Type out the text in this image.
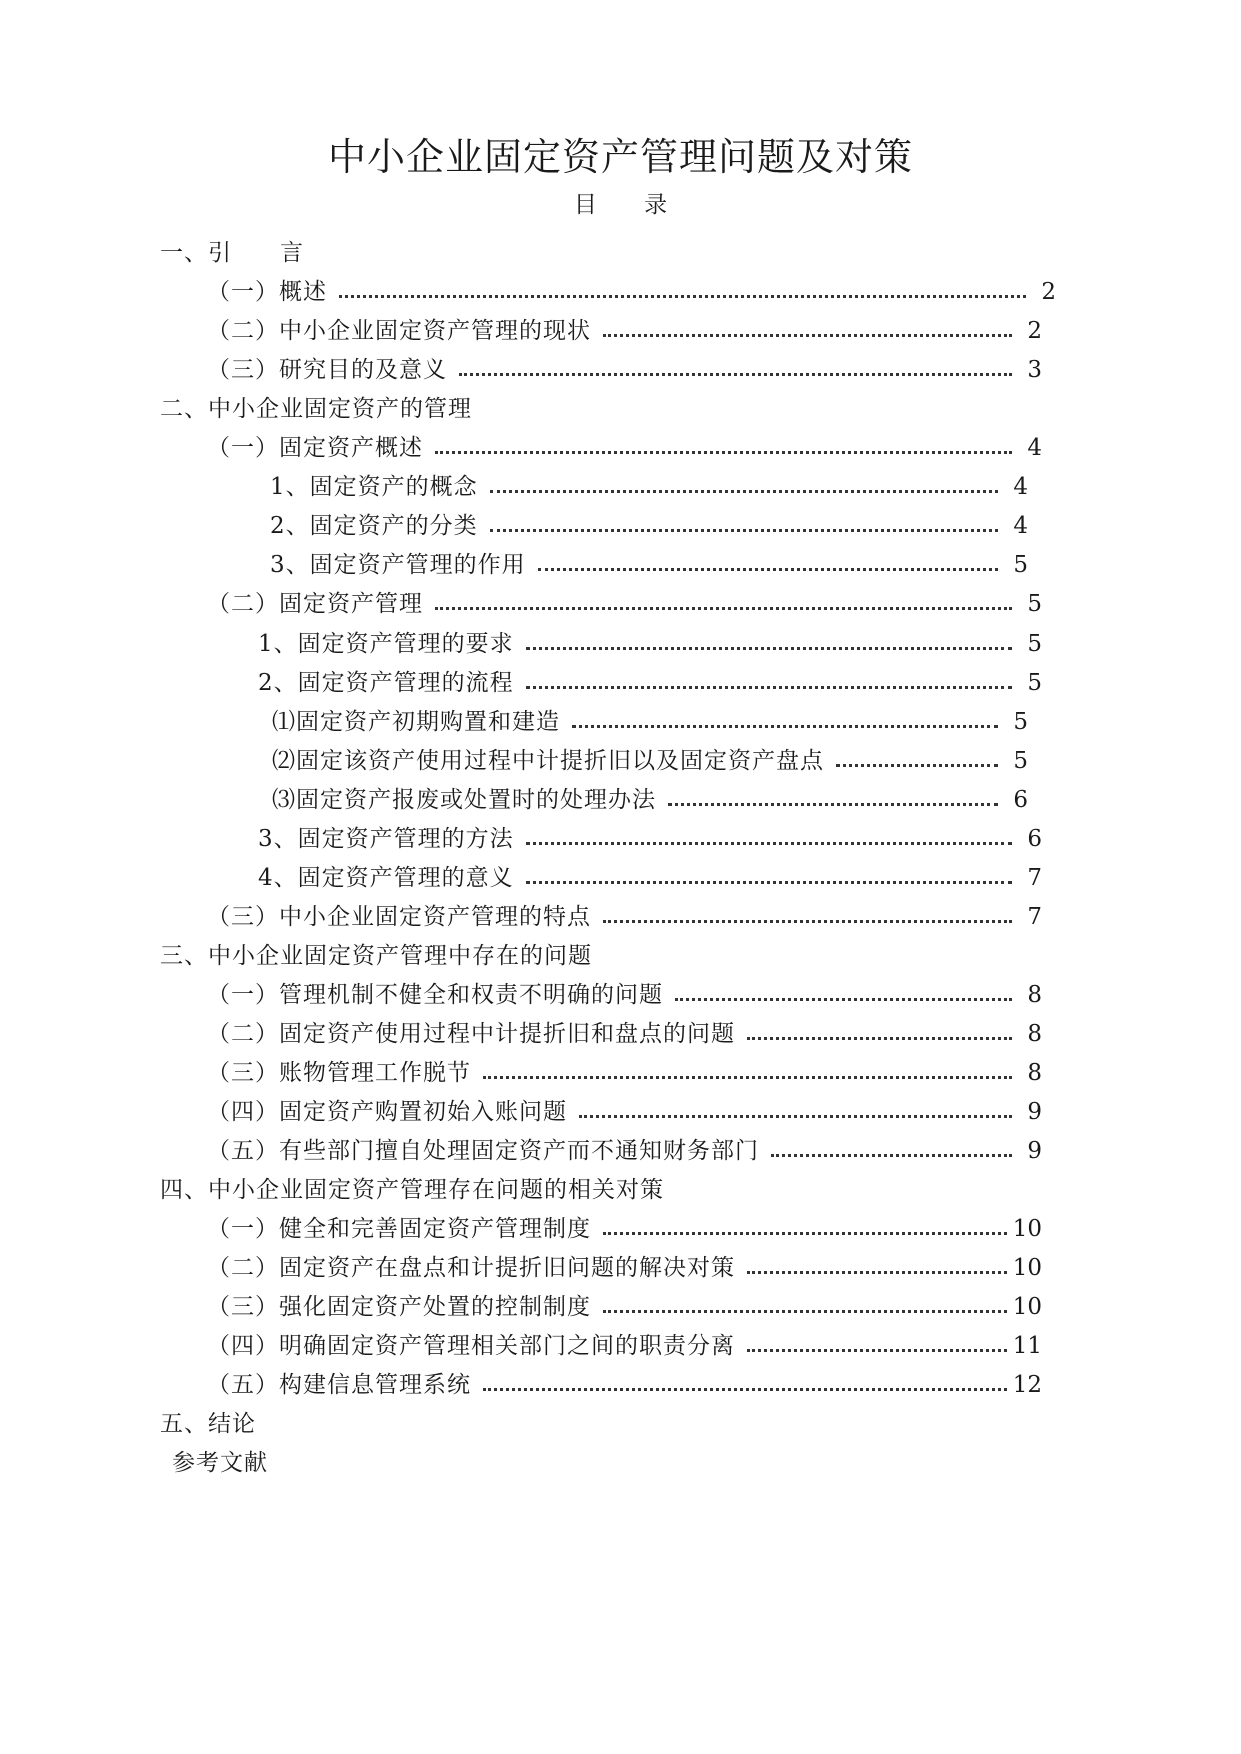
中小企业固定资产管理问题及对策
目 录
一、引　　言
（一）概述	2
（二）中小企业固定资产管理的现状	2
（三）研究目的及意义	3
二、中小企业固定资产的管理
（一）固定资产概述	4
1、固定资产的概念	4
2、固定资产的分类	4
3、固定资产管理的作用	5
（二）固定资产管理	5
1、固定资产管理的要求	5
2、固定资产管理的流程	5
⑴固定资产初期购置和建造	5
⑵固定该资产使用过程中计提折旧以及固定资产盘点	5
⑶固定资产报废或处置时的处理办法	6
3、固定资产管理的方法	6
4、固定资产管理的意义	7
（三）中小企业固定资产管理的特点	7
三、中小企业固定资产管理中存在的问题
（一）管理机制不健全和权责不明确的问题	8
（二）固定资产使用过程中计提折旧和盘点的问题	8
（三）账物管理工作脱节	8
（四）固定资产购置初始入账问题	9
（五）有些部门擅自处理固定资产而不通知财务部门	9
四、中小企业固定资产管理存在问题的相关对策
（一）健全和完善固定资产管理制度	10
（二）固定资产在盘点和计提折旧问题的解决对策	10
（三）强化固定资产处置的控制制度	10
（四）明确固定资产管理相关部门之间的职责分离	11
（五）构建信息管理系统	12
五、结论
参考文献
